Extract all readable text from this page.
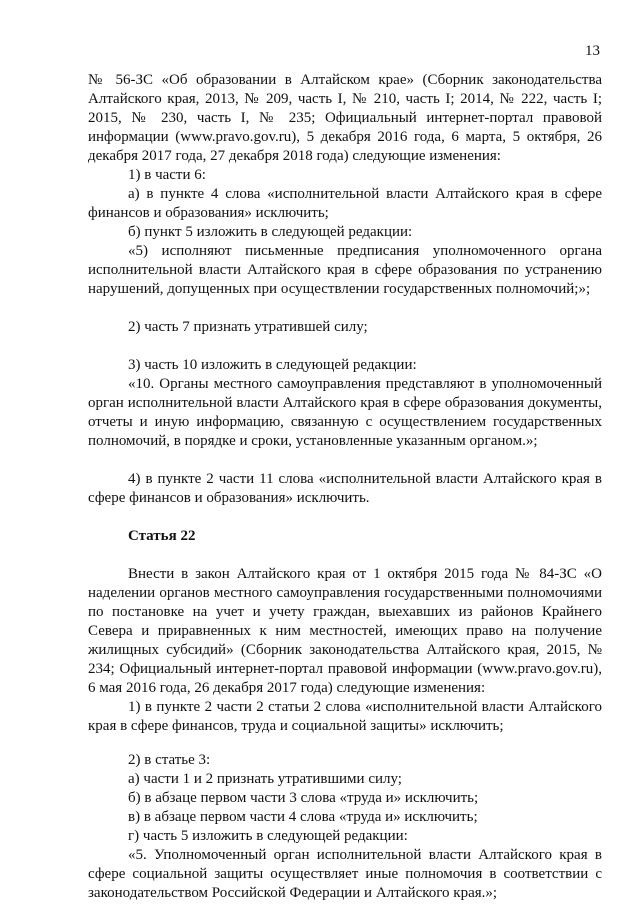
13

№ 56-ЗС «Об образовании в Алтайском крае» (Сборник законодательства Алтайского края, 2013, № 209, часть I, № 210, часть I; 2014, № 222, часть I; 2015, № 230, часть I, № 235; Официальный интернет-портал правовой информации (www.pravo.gov.ru), 5 декабря 2016 года, 6 марта, 5 октября, 26 декабря 2017 года, 27 декабря 2018 года) следующие изменения:

1) в части 6:

а) в пункте 4 слова «исполнительной власти Алтайского края в сфере финансов и образования» исключить;

б) пункт 5 изложить в следующей редакции:

«5) исполняют письменные предписания уполномоченного органа исполнительной власти Алтайского края в сфере образования по устранению нарушений, допущенных при осуществлении государственных полномочий;»;

2) часть 7 признать утратившей силу;

3) часть 10 изложить в следующей редакции:

«10. Органы местного самоуправления представляют в уполномоченный орган исполнительной власти Алтайского края в сфере образования документы, отчеты и иную информацию, связанную с осуществлением государственных полномочий, в порядке и сроки, установленные указанным органом.»;

4) в пункте 2 части 11 слова «исполнительной власти Алтайского края в сфере финансов и образования» исключить.

Статья 22

Внести в закон Алтайского края от 1 октября 2015 года № 84-ЗС «О наделении органов местного самоуправления государственными полномочиями по постановке на учет и учету граждан, выехавших из районов Крайнего Севера и приравненных к ним местностей, имеющих право на получение жилищных субсидий» (Сборник законодательства Алтайского края, 2015, № 234; Официальный интернет-портал правовой информации (www.pravo.gov.ru), 6 мая 2016 года, 26 декабря 2017 года) следующие изменения:

1) в пункте 2 части 2 статьи 2 слова «исполнительной власти Алтайского края в сфере финансов, труда и социальной защиты» исключить;

2) в статье 3:

а) части 1 и 2 признать утратившими силу;

б) в абзаце первом части 3 слова «труда и» исключить;

в) в абзаце первом части 4 слова «труда и» исключить;

г) часть 5 изложить в следующей редакции:

«5. Уполномоченный орган исполнительной власти Алтайского края в сфере социальной защиты осуществляет иные полномочия в соответствии с законодательством Российской Федерации и Алтайского края.»;
